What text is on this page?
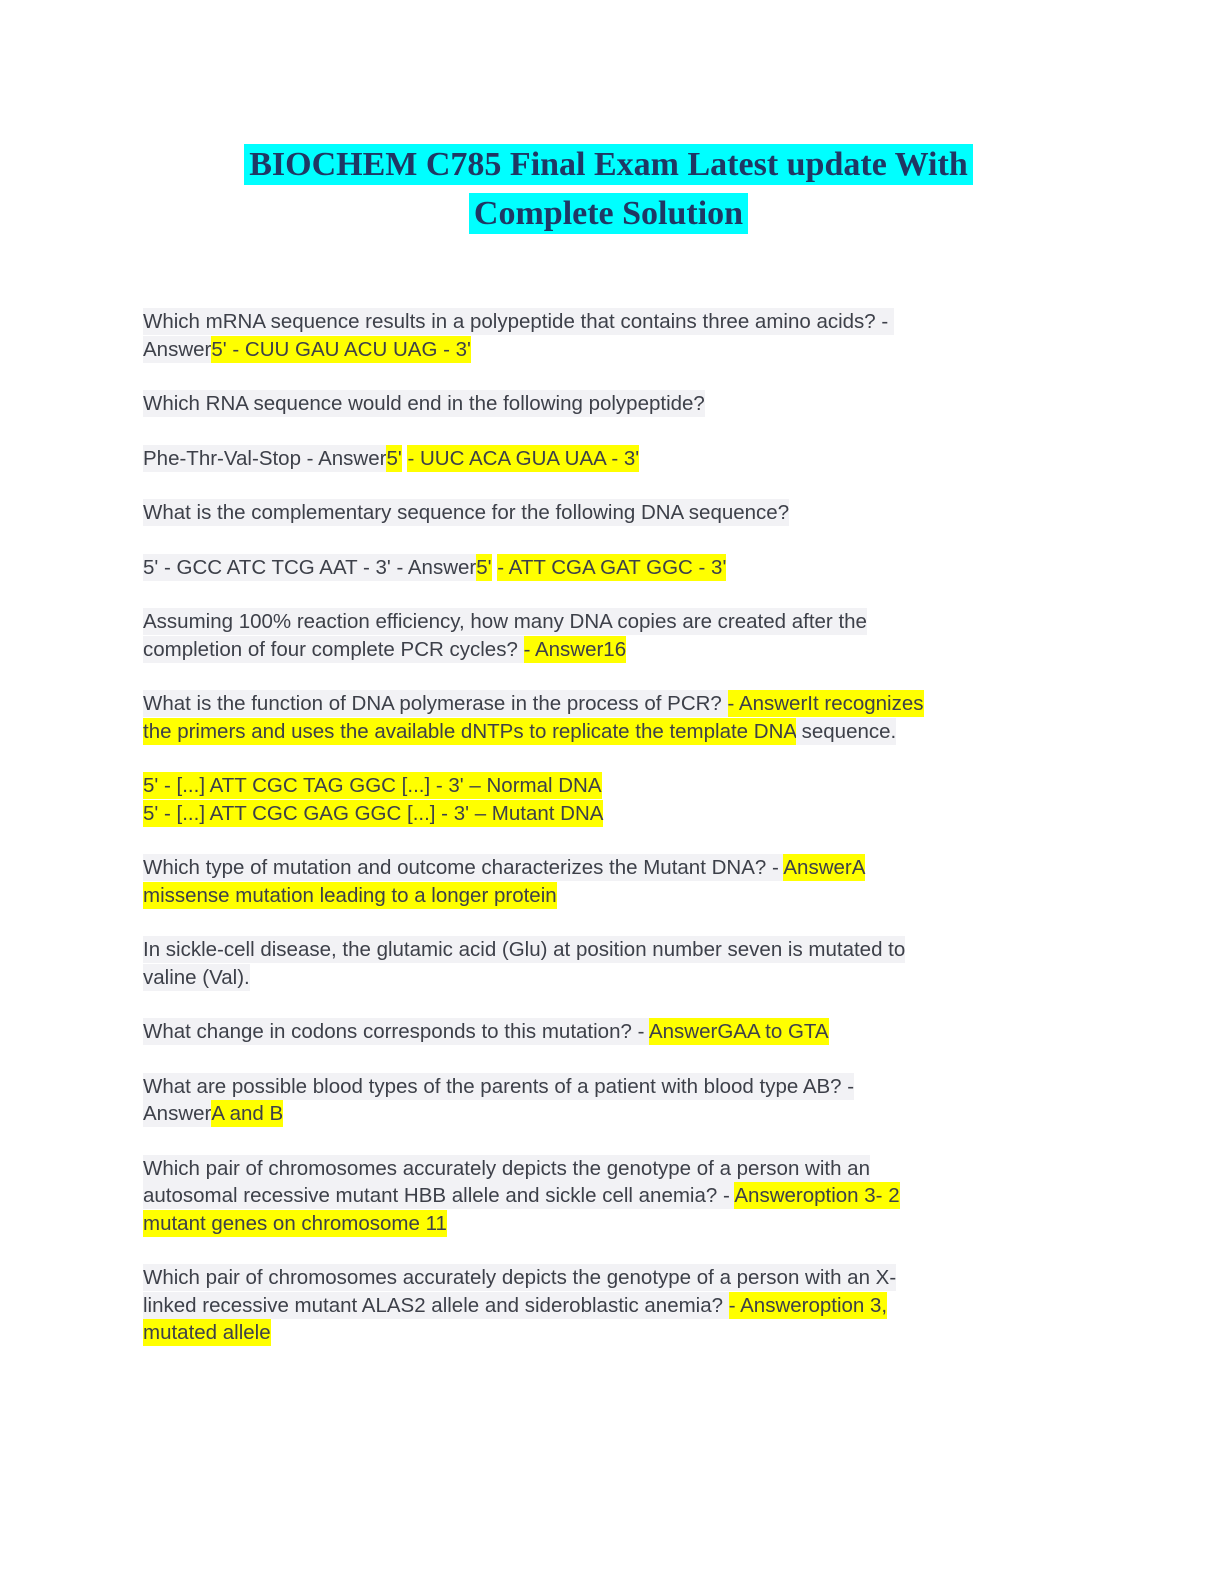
BIOCHEM C785 Final Exam Latest update With
Complete Solution
Which mRNA sequence results in a polypeptide that contains three amino acids? -
Answer5' - CUU GAU ACU UAG - 3'
Which RNA sequence would end in the following polypeptide?
Phe-Thr-Val-Stop - Answer5' - UUC ACA GUA UAA - 3'
What is the complementary sequence for the following DNA sequence?
5' - GCC ATC TCG AAT - 3' - Answer5' - ATT CGA GAT GGC - 3'
Assuming 100% reaction efficiency, how many DNA copies are created after the
completion of four complete PCR cycles? - Answer16
What is the function of DNA polymerase in the process of PCR? - AnswerIt recognizes
the primers and uses the available dNTPs to replicate the template DNA sequence.
5' - [...] ATT CGC TAG GGC [...] - 3' – Normal DNA
5' - [...] ATT CGC GAG GGC [...] - 3' – Mutant DNA
Which type of mutation and outcome characterizes the Mutant DNA? - AnswerA
missense mutation leading to a longer protein
In sickle-cell disease, the glutamic acid (Glu) at position number seven is mutated to
valine (Val).
What change in codons corresponds to this mutation? - AnswerGAA to GTA
What are possible blood types of the parents of a patient with blood type AB? -
AnswerA and B
Which pair of chromosomes accurately depicts the genotype of a person with an
autosomal recessive mutant HBB allele and sickle cell anemia? - Answeroption 3- 2
mutant genes on chromosome 11
Which pair of chromosomes accurately depicts the genotype of a person with an X-
linked recessive mutant ALAS2 allele and sideroblastic anemia? - Answeroption 3,
mutated allele
